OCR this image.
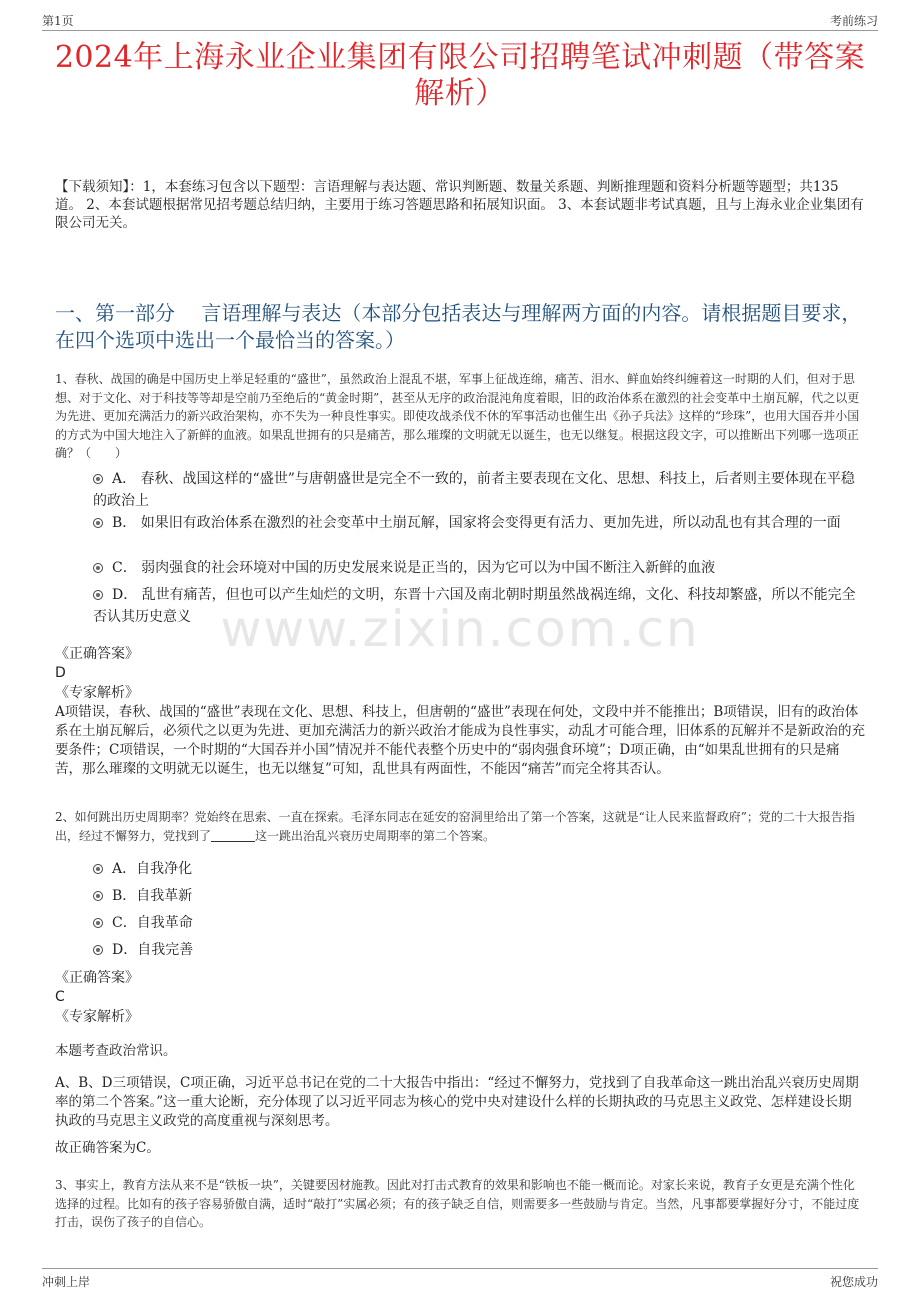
第1页	考前练习
2024年上海永业企业集团有限公司招聘笔试冲刺题（带答案解析）
【下载须知】：1，本套练习包含以下题型：言语理解与表达题、常识判断题、数量关系题、判断推理题和资料分析题等题型；共135道。 2、本套试题根据常见招考题总结归纳，主要用于练习答题思路和拓展知识面。 3、本套试题非考试真题，且与上海永业企业集团有限公司无关。
一、第一部分　 言语理解与表达（本部分包括表达与理解两方面的内容。请根据题目要求，在四个选项中选出一个最恰当的答案。）
www.zixin.com.cn
1、春秋、战国的确是中国历史上举足轻重的“盛世”，虽然政治上混乱不堪，军事上征战连绵，痛苦、泪水、鲜血始终纠缠着这一时期的人们，但对于思想、对于文化、对于科技等等却是空前乃至绝后的“黄金时期”，甚至从无序的政治混沌角度着眼，旧的政治体系在激烈的社会变革中土崩瓦解，代之以更为先进、更加充满活力的新兴政治架构，亦不失为一种良性事实。即使攻战杀伐不休的军事活动也催生出《孙子兵法》这样的“珍珠”，也用大国吞并小国的方式为中国大地注入了新鲜的血液。如果乱世拥有的只是痛苦，那么璀璨的文明就无以诞生，也无以继复。根据这段文字，可以推断出下列哪一选项正确？（　　）
A． 春秋、战国这样的“盛世”与唐朝盛世是完全不一致的，前者主要表现在文化、思想、科技上，后者则主要体现在平稳的政治上
B． 如果旧有政治体系在激烈的社会变革中土崩瓦解，国家将会变得更有活力、更加先进，所以动乱也有其合理的一面
C． 弱肉强食的社会环境对中国的历史发展来说是正当的，因为它可以为中国不断注入新鲜的血液
D． 乱世有痛苦，但也可以产生灿烂的文明，东晋十六国及南北朝时期虽然战祸连绵，文化、科技却繁盛，所以不能完全否认其历史意义
《正确答案》
D
《专家解析》
A项错误，春秋、战国的“盛世”表现在文化、思想、科技上，但唐朝的“盛世”表现在何处，文段中并不能推出；B项错误，旧有的政治体系在土崩瓦解后，必须代之以更为先进、更加充满活力的新兴政治才能成为良性事实，动乱才可能合理，旧体系的瓦解并不是新政治的充要条件；C项错误，一个时期的“大国吞并小国”情况并不能代表整个历史中的“弱肉强食环境”；D项正确，由“如果乱世拥有的只是痛苦，那么璀璨的文明就无以诞生，也无以继复”可知，乱世具有两面性，不能因“痛苦”而完全将其否认。
2、如何跳出历史周期率？党始终在思索、一直在探索。毛泽东同志在延安的窑洞里给出了第一个答案，这就是“让人民来监督政府”；党的二十大报告指出，经过不懈努力，党找到了	这一跳出治乱兴衰历史周期率的第二个答案。
A．自我净化
B．自我革新
C．自我革命
D．自我完善
《正确答案》
C
《专家解析》
本题考查政治常识。
A、B、D三项错误，C项正确，习近平总书记在党的二十大报告中指出：“经过不懈努力，党找到了自我革命这一跳出治乱兴衰历史周期率的第二个答案。”这一重大论断，充分体现了以习近平同志为核心的党中央对建设什么样的长期执政的马克思主义政党、怎样建设长期执政的马克思主义政党的高度重视与深刻思考。
故正确答案为C。
3、事实上，教育方法从来不是“铁板一块”，关键要因材施教。因此对打击式教育的效果和影响也不能一概而论。对家长来说，教育子女更是充满个性化选择的过程。比如有的孩子容易骄傲自满，适时“敲打”实属必须；有的孩子缺乏自信，则需要多一些鼓励与肯定。当然，凡事都要掌握好分寸，不能过度打击，误伤了孩子的自信心。
冲刺上岸	祝您成功
